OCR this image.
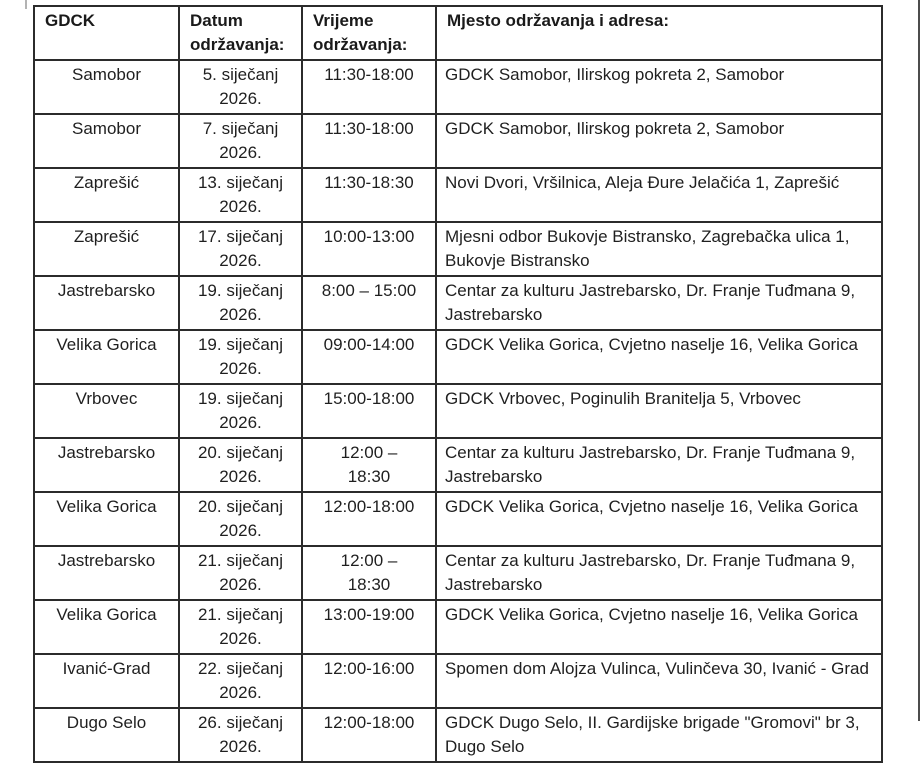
GDCK	Datum održavanja:	Vrijeme održavanja:	Mjesto održavanja i adresa:
Samobor	5. siječanj 2026.	11:30-18:00	GDCK Samobor, Ilirskog pokreta 2, Samobor
Samobor	7. siječanj 2026.	11:30-18:00	GDCK Samobor, Ilirskog pokreta 2, Samobor
Zaprešić	13. siječanj 2026.	11:30-18:30	Novi Dvori, Vršilnica, Aleja Đure Jelačića 1, Zaprešić
Zaprešić	17. siječanj 2026.	10:00-13:00	Mjesni odbor Bukovje Bistransko, Zagrebačka ulica 1, Bukovje Bistransko
Jastrebarsko	19. siječanj 2026.	8:00 – 15:00	Centar za kulturu Jastrebarsko, Dr. Franje Tuđmana 9, Jastrebarsko
Velika Gorica	19. siječanj 2026.	09:00-14:00	GDCK Velika Gorica, Cvjetno naselje 16, Velika Gorica
Vrbovec	19. siječanj 2026.	15:00-18:00	GDCK Vrbovec, Poginulih Branitelja 5, Vrbovec
Jastrebarsko	20. siječanj 2026.	12:00 – 18:30	Centar za kulturu Jastrebarsko, Dr. Franje Tuđmana 9, Jastrebarsko
Velika Gorica	20. siječanj 2026.	12:00-18:00	GDCK Velika Gorica, Cvjetno naselje 16, Velika Gorica
Jastrebarsko	21. siječanj 2026.	12:00 – 18:30	Centar za kulturu Jastrebarsko, Dr. Franje Tuđmana 9, Jastrebarsko
Velika Gorica	21. siječanj 2026.	13:00-19:00	GDCK Velika Gorica, Cvjetno naselje 16, Velika Gorica
Ivanić-Grad	22. siječanj 2026.	12:00-16:00	Spomen dom Alojza Vulinca, Vulinčeva 30, Ivanić - Grad
Dugo Selo	26. siječanj 2026.	12:00-18:00	GDCK Dugo Selo, II. Gardijske brigade "Gromovi" br 3, Dugo Selo
